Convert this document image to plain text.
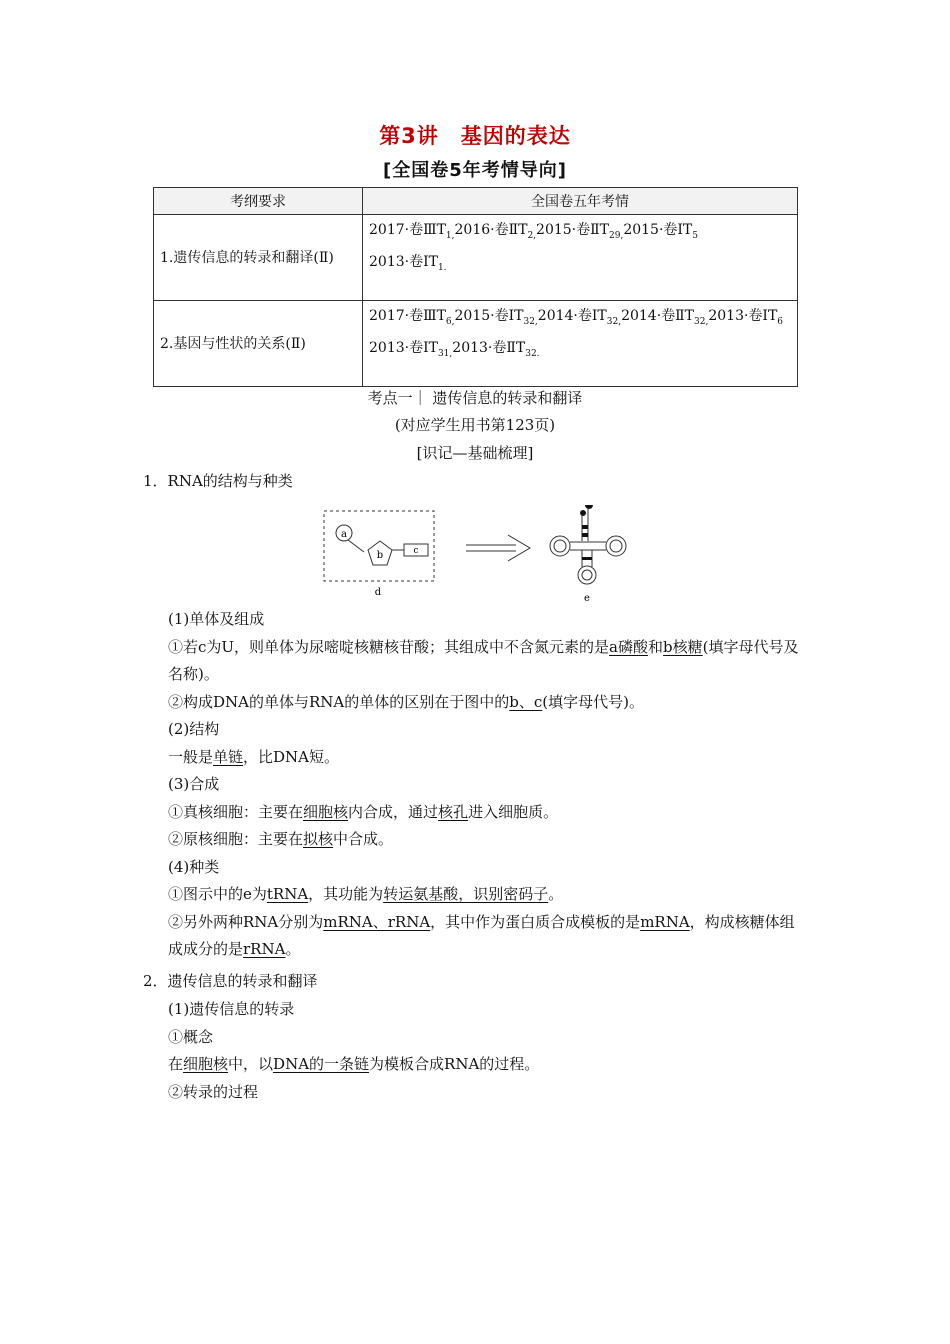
第3讲　基因的表达
[全国卷5年考情导向]
考纲要求	全国卷五年考情
1.遗传信息的转录和翻译(Ⅱ)	2017·卷$ⅢT_{1,}2016\cdot$卷$ⅡT_{2,}2015\cdot$卷$ⅡT_{29,}2015\cdot$卷$ⅠT_5$
2013·卷$ⅠT_{1.}$
2.基因与性状的关系(Ⅱ)	2017·卷$ⅢT_{6,}2015\cdot$卷$ⅠT_{32,}2014\cdot$卷$ⅠT_{32,}2014\cdot$卷$ⅡT_{32,}2013\cdot$卷$ⅠT_6$
2013·卷$ⅠT_{31,}2013\cdot$卷$ⅡT_{32.}$
考点一｜ 遗传信息的转录和翻译
(对应学生用书第123页)
[识记—基础梳理]
1．RNA的结构与种类
a
b	c
d
e
(1)单体及组成
①若c为U，则单体为尿嘧啶核糖核苷酸；其组成中不含氮元素的是a磷酸和b核糖(填字母代号及名称)。
②构成DNA的单体与RNA的单体的区别在于图中的b、c(填字母代号)。
(2)结构
一般是单链，比DNA短。
(3)合成
①真核细胞：主要在细胞核内合成，通过核孔进入细胞质。
②原核细胞：主要在拟核中合成。
(4)种类
①图示中的e为tRNA，其功能为转运氨基酸，识别密码子。
②另外两种RNA分别为mRNA、rRNA，其中作为蛋白质合成模板的是mRNA，构成核糖体组成成分的是rRNA。
2．遗传信息的转录和翻译
(1)遗传信息的转录
①概念
在细胞核中，以DNA的一条链为模板合成RNA的过程。
②转录的过程
